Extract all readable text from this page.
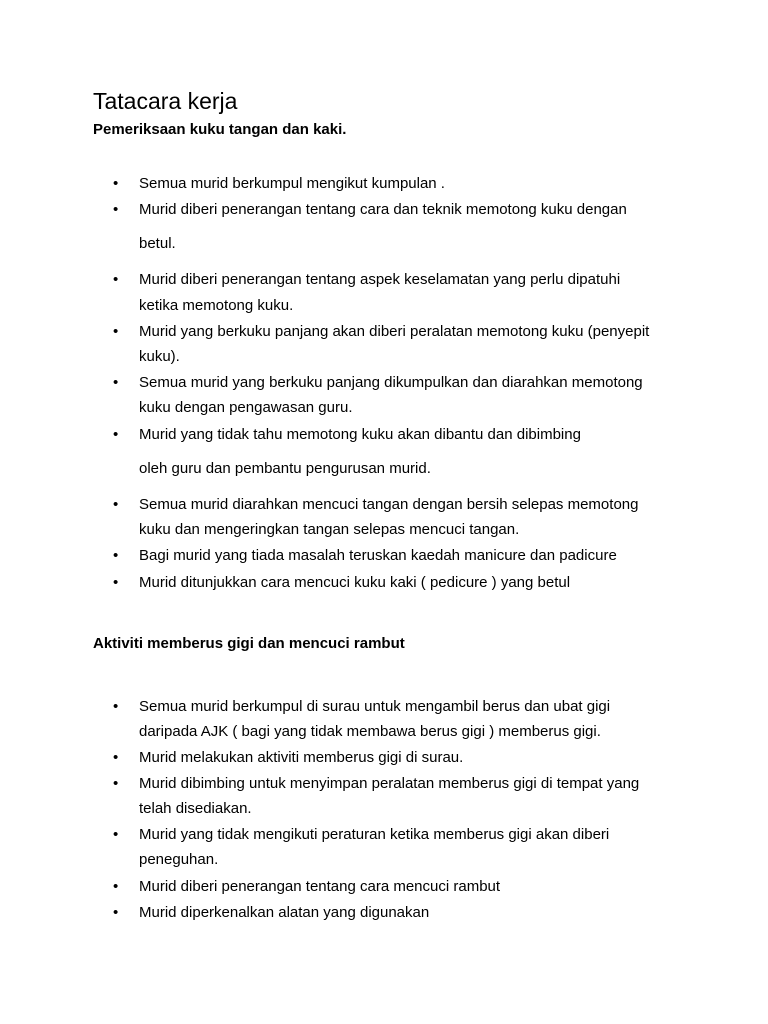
Tatacara kerja

Pemeriksaan kuku tangan dan kaki.

•	Semua murid berkumpul mengikut kumpulan .

•	Murid diberi penerangan tentang cara dan teknik memotong kuku dengan

betul.

•	Murid diberi penerangan tentang aspek keselamatan yang perlu dipatuhi

ketika memotong kuku.

•	Murid yang berkuku panjang akan diberi peralatan memotong kuku (penyepit

kuku).

•	Semua murid yang berkuku panjang dikumpulkan dan diarahkan memotong

kuku dengan pengawasan guru.

•	Murid yang tidak tahu memotong kuku akan dibantu dan dibimbing

oleh guru dan pembantu pengurusan murid.

•	Semua murid diarahkan mencuci tangan dengan bersih selepas memotong

kuku dan mengeringkan tangan selepas mencuci tangan.

•	Bagi murid yang tiada masalah teruskan kaedah manicure dan padicure

•	Murid ditunjukkan cara mencuci kuku kaki ( pedicure ) yang betul

Aktiviti memberus gigi dan mencuci rambut

•	Semua murid berkumpul di surau untuk mengambil berus dan ubat gigi

daripada AJK ( bagi yang tidak membawa berus gigi ) memberus gigi.

•	Murid melakukan aktiviti memberus gigi di surau.

•	Murid dibimbing untuk menyimpan peralatan memberus gigi di tempat yang

telah disediakan.

•	Murid yang tidak mengikuti peraturan ketika memberus gigi akan diberi

peneguhan.

•	Murid diberi penerangan tentang cara mencuci rambut

•	Murid diperkenalkan alatan yang digunakan
